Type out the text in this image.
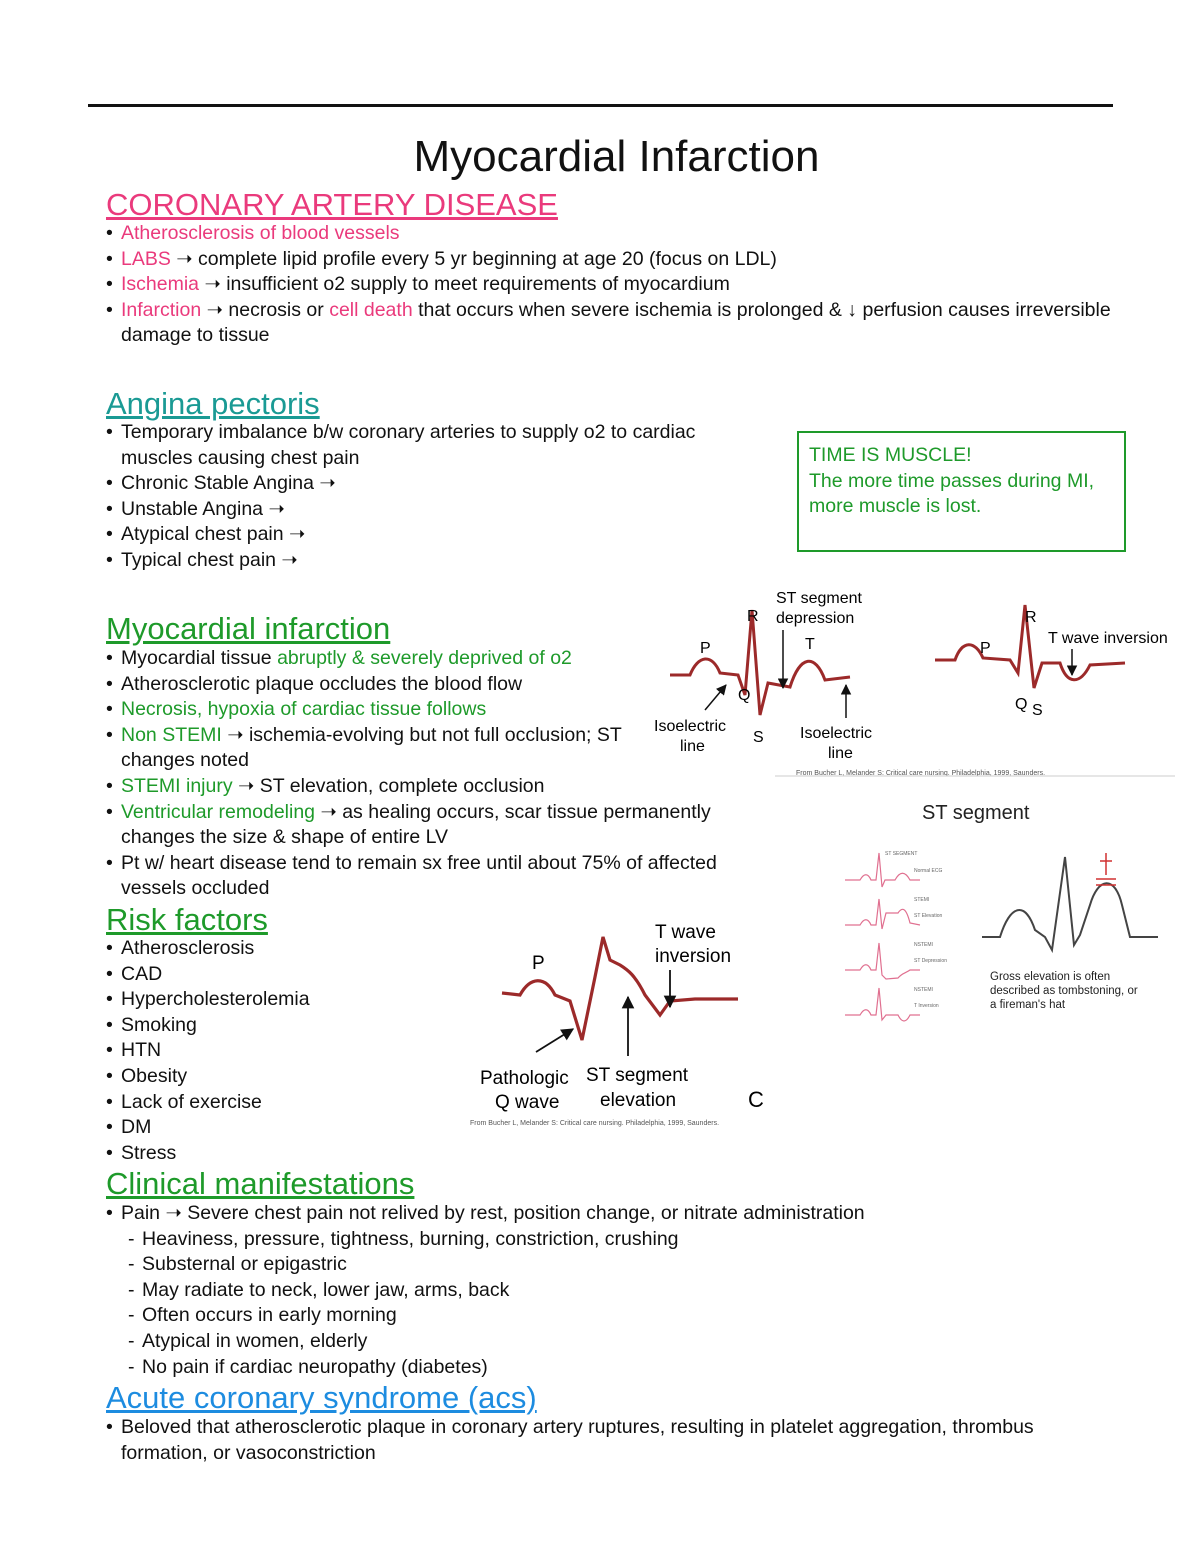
Myocardial Infarction
CORONARY ARTERY DISEASE
• Atherosclerosis of blood vessels
• LABS ➝ complete lipid profile every 5 yr beginning at age 20 (focus on LDL)
• Ischemia ➝ insufficient o2 supply to meet requirements of myocardium
• Infarction ➝ necrosis or cell death that occurs when severe ischemia is prolonged & ↓ perfusion causes irreversible damage to tissue
Angina pectoris
• Temporary imbalance b/w coronary arteries to supply o2 to cardiac muscles causing chest pain
• Chronic Stable Angina ➝
• Unstable Angina ➝
• Atypical chest pain ➝
• Typical chest pain ➝
TIME IS MUSCLE!
The more time passes during MI, more muscle is lost.
Myocardial infarction
• Myocardial tissue abruptly & severely deprived of o2
• Atherosclerotic plaque occludes the blood flow
• Necrosis, hypoxia of cardiac tissue follows
• Non STEMI ➝ ischemia-evolving but not full occlusion; ST changes noted
• STEMI injury ➝ ST elevation, complete occlusion
• Ventricular remodeling ➝ as healing occurs, scar tissue permanently changes the size & shape of entire LV
• Pt w/ heart disease tend to remain sx free until about 75% of affected vessels occluded
Risk factors
• Atherosclerosis
• CAD
• Hypercholesterolemia
• Smoking
• HTN
• Obesity
• Lack of exercise
• DM
• Stress
Clinical manifestations
• Pain ➝ Severe chest pain not relived by rest, position change, or nitrate administration
- Heaviness, pressure, tightness, burning, constriction, crushing
- Substernal or epigastric
- May radiate to neck, lower jaw, arms, back
- Often occurs in early morning
- Atypical in women, elderly
- No pain if cardiac neuropathy (diabetes)
Acute coronary syndrome (acs)
• Beloved that atherosclerotic plaque in coronary artery ruptures, resulting in platelet aggregation, thrombus formation, or vasoconstriction
P
R
Q
S
T
ST segment
depression
Isoelectric
line
Isoelectric
line
From Bucher L, Melander S: Critical care nursing. Philadelphia, 1999, Saunders.
P
R
Q S
T wave inversion
ST segment
ST SEGMENT
Normal ECG
STEMI
ST Elevation
NSTEMI
ST Depression
NSTEMI
T Inversion
Gross elevation is often
described as tombstoning, or
a fireman's hat
P
T wave
inversion
Pathologic
Q wave
ST segment
elevation	C
From Bucher L, Melander S: Critical care nursing. Philadelphia, 1999, Saunders.
